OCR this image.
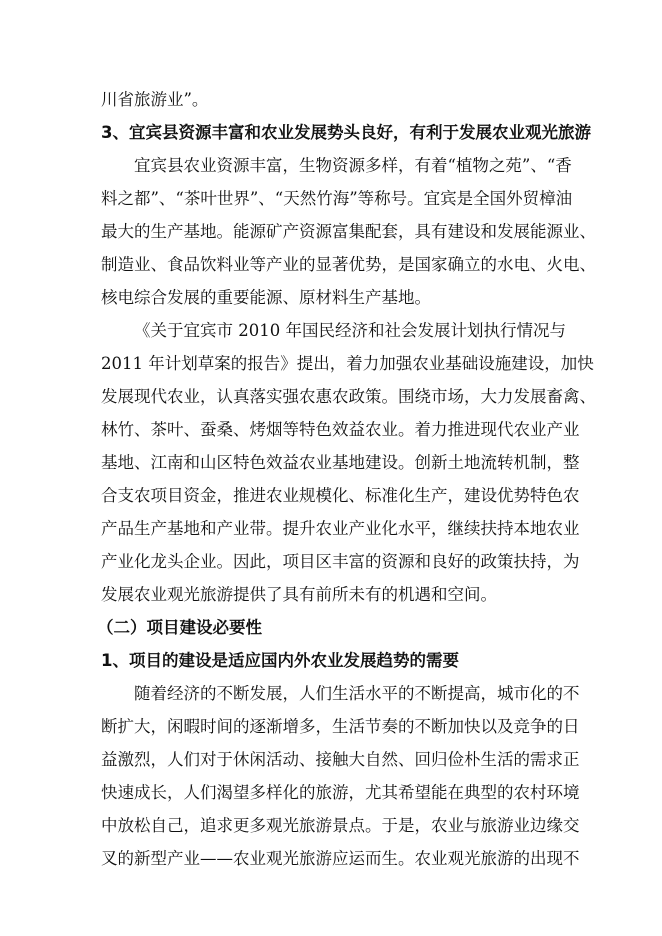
川省旅游业”。
3、宜宾县资源丰富和农业发展势头良好，有利于发展农业观光旅游
宜宾县农业资源丰富，生物资源多样，有着“植物之苑”、“香
料之都”、“茶叶世界”、“天然竹海”等称号。宜宾是全国外贸樟油
最大的生产基地。能源矿产资源富集配套，具有建设和发展能源业、
制造业、食品饮料业等产业的显著优势，是国家确立的水电、火电、
核电综合发展的重要能源、原材料生产基地。
《关于宜宾市 2010 年国民经济和社会发展计划执行情况与
2011 年计划草案的报告》提出，着力加强农业基础设施建设，加快
发展现代农业，认真落实强农惠农政策。围绕市场，大力发展畜禽、
林竹、茶叶、蚕桑、烤烟等特色效益农业。着力推进现代农业产业
基地、江南和山区特色效益农业基地建设。创新土地流转机制，整
合支农项目资金，推进农业规模化、标准化生产，建设优势特色农
产品生产基地和产业带。提升农业产业化水平，继续扶持本地农业
产业化龙头企业。因此，项目区丰富的资源和良好的政策扶持，为
发展农业观光旅游提供了具有前所未有的机遇和空间。
（二）项目建设必要性
1、项目的建设是适应国内外农业发展趋势的需要
随着经济的不断发展，人们生活水平的不断提高，城市化的不
断扩大，闲暇时间的逐渐增多，生活节奏的不断加快以及竞争的日
益激烈，人们对于休闲活动、接触大自然、回归俭朴生活的需求正
快速成长，人们渴望多样化的旅游，尤其希望能在典型的农村环境
中放松自己，追求更多观光旅游景点。于是，农业与旅游业边缘交
叉的新型产业——农业观光旅游应运而生。农业观光旅游的出现不
